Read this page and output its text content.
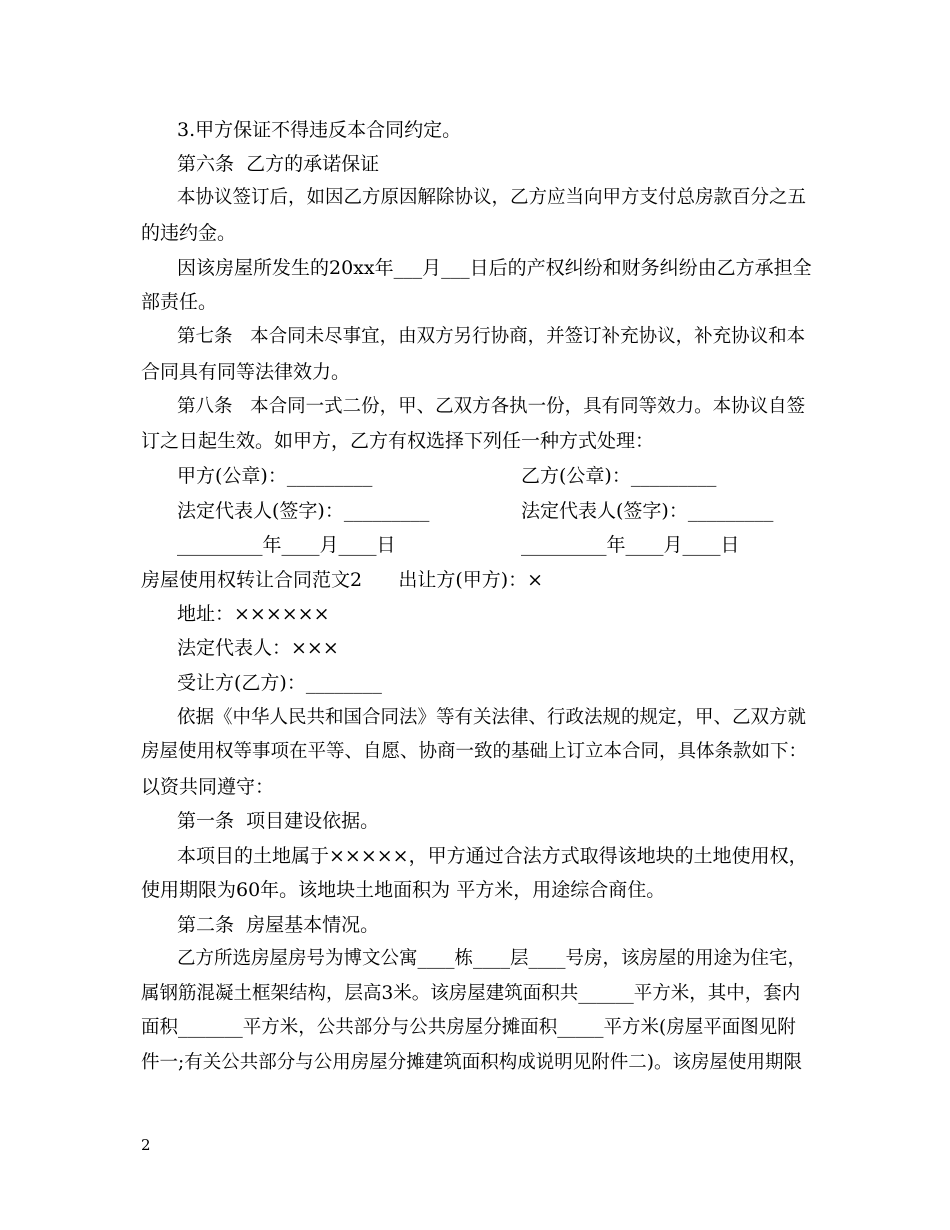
3.甲方保证不得违反本合同约定。
第六条  乙方的承诺保证
本协议签订后，如因乙方原因解除协议，乙方应当向甲方支付总房款百分之五
的违约金。
因该房屋所发生的20xx年___月___日后的产权纠纷和财务纠纷由乙方承担全
部责任。
第七条   本合同未尽事宜，由双方另行协商，并签订补充协议，补充协议和本
合同具有同等法律效力。
第八条   本合同一式二份，甲、乙双方各执一份，具有同等效力。本协议自签
订之日起生效。如甲方，乙方有权选择下列任一种方式处理：
甲方(公章)：_________	乙方(公章)：_________
法定代表人(签字)：_________	法定代表人(签字)：_________
_________年____月____日	_________年____月____日
房屋使用权转让合同范文2      出让方(甲方)：×
地址：××××××
法定代表人：×××
受让方(乙方)：________
依据《中华人民共和国合同法》等有关法律、行政法规的规定，甲、乙双方就
房屋使用权等事项在平等、自愿、协商一致的基础上订立本合同，具体条款如下：
以资共同遵守：
第一条  项目建设依据。
本项目的土地属于×××××，甲方通过合法方式取得该地块的土地使用权，
使用期限为60年。该地块土地面积为 平方米，用途综合商住。
第二条  房屋基本情况。
乙方所选房屋房号为博文公寓____栋____层____号房，该房屋的用途为住宅，
属钢筋混凝土框架结构，层高3米。该房屋建筑面积共______平方米，其中，套内
面积_______平方米，公共部分与公共房屋分摊面积_____平方米(房屋平面图见附
件一;有关公共部分与公用房屋分摊建筑面积构成说明见附件二)。该房屋使用期限
2
